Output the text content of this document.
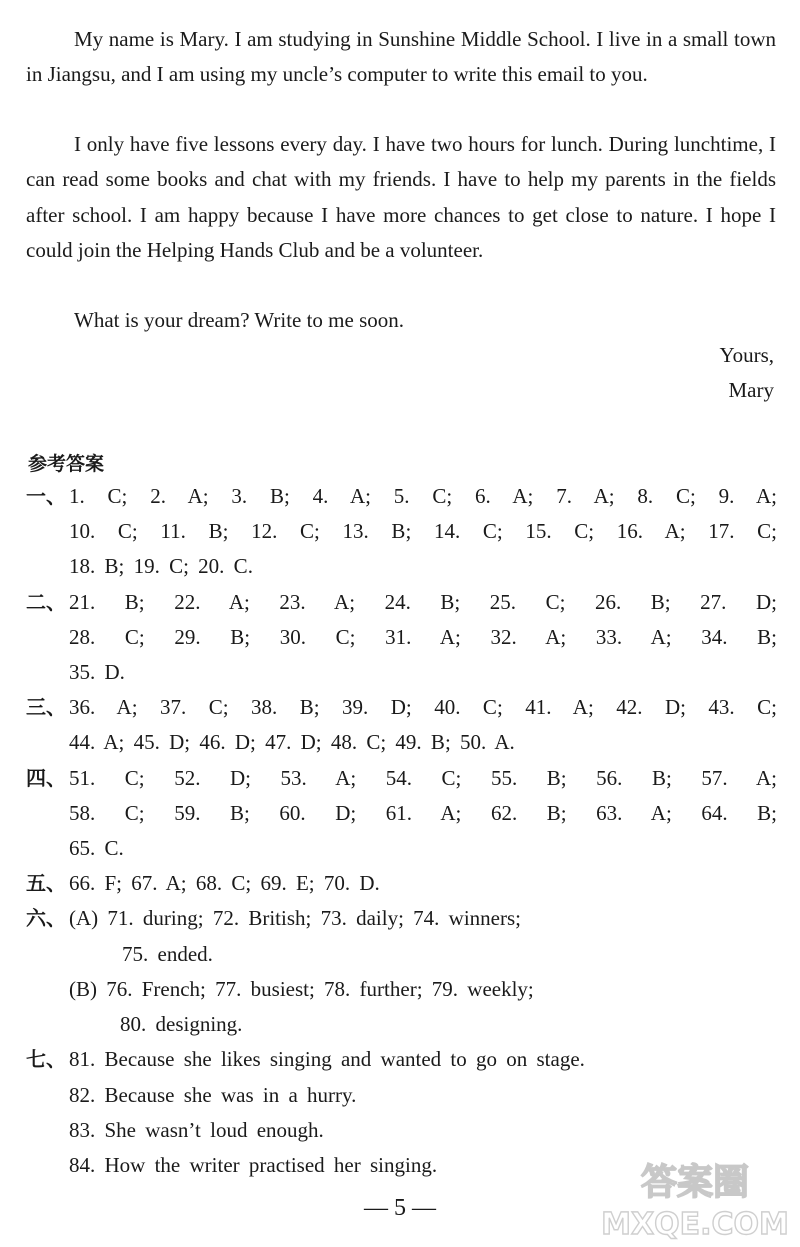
My name is Mary. I am studying in Sunshine Middle School. I live in a small town in Jiangsu, and I am using my uncle’s computer to write this email to you.

I only have five lessons every day. I have two hours for lunch. During lunchtime, I can read some books and chat with my friends. I have to help my parents in the fields after school. I am happy because I have more chances to get close to nature. I hope I could join the Helping Hands Club and be a volunteer.

What is your dream? Write to me soon.

Yours,
Mary
参考答案
一、 1. C; 2. A; 3. B; 4. A; 5. C; 6. A; 7. A; 8. C; 9. A;
10. C; 11. B; 12. C; 13. B; 14. C; 15. C; 16. A; 17. C;
18. B; 19. C; 20. C.
二、 21. B; 22. A; 23. A; 24. B; 25. C; 26. B; 27. D;
28. C; 29. B; 30. C; 31. A; 32. A; 33. A; 34. B;
35. D.
三、 36. A; 37. C; 38. B; 39. D; 40. C; 41. A; 42. D; 43. C;
44. A; 45. D; 46. D; 47. D; 48. C; 49. B; 50. A.
四、 51. C; 52. D; 53. A; 54. C; 55. B; 56. B; 57. A;
58. C; 59. B; 60. D; 61. A; 62. B; 63. A; 64. B;
65. C.
五、 66. F; 67. A; 68. C; 69. E; 70. D.
六、 (A) 71. during; 72. British; 73. daily; 74. winners;
75. ended.
(B) 76. French; 77. busiest; 78. further; 79. weekly;
80. designing.
七、 81. Because she likes singing and wanted to go on stage.
82. Because she was in a hurry.
83. She wasn’t loud enough.
84. How the writer practised her singing.
— 5 —
答案圈
MXQE.COM
